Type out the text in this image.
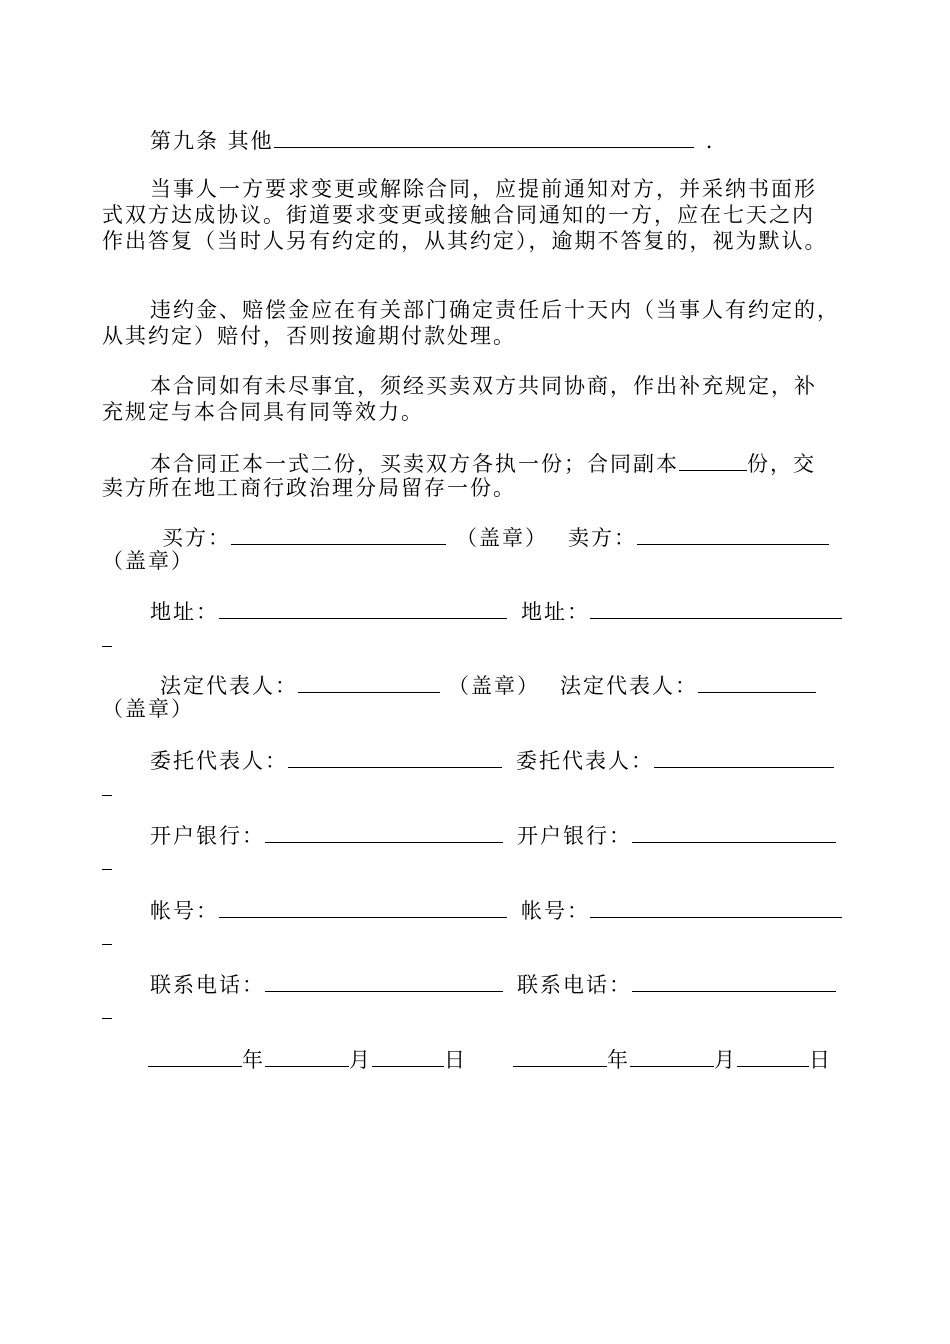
第九条 其他	.
当事人一方要求变更或解除合同，应提前通知对方，并采纳书面形
式双方达成协议。街道要求变更或接触合同通知的一方，应在七天之内
作出答复（当时人另有约定的，从其约定），逾期不答复的，视为默认。
违约金、赔偿金应在有关部门确定责任后十天内（当事人有约定的，
从其约定）赔付，否则按逾期付款处理。
本合同如有未尽事宜，须经买卖双方共同协商，作出补充规定，补
充规定与本合同具有同等效力。
本合同正本一式二份，买卖双方各执一份；合同副本	份，交
卖方所在地工商行政治理分局留存一份。
买方：	（盖章） 卖方：
（盖章）
地址：	地址：
法定代表人：	（盖章） 法定代表人：
（盖章）
委托代表人：	委托代表人：
开户银行：	开户银行：
帐号：	帐号：
联系电话：	联系电话：
年	月	日	年	月	日
